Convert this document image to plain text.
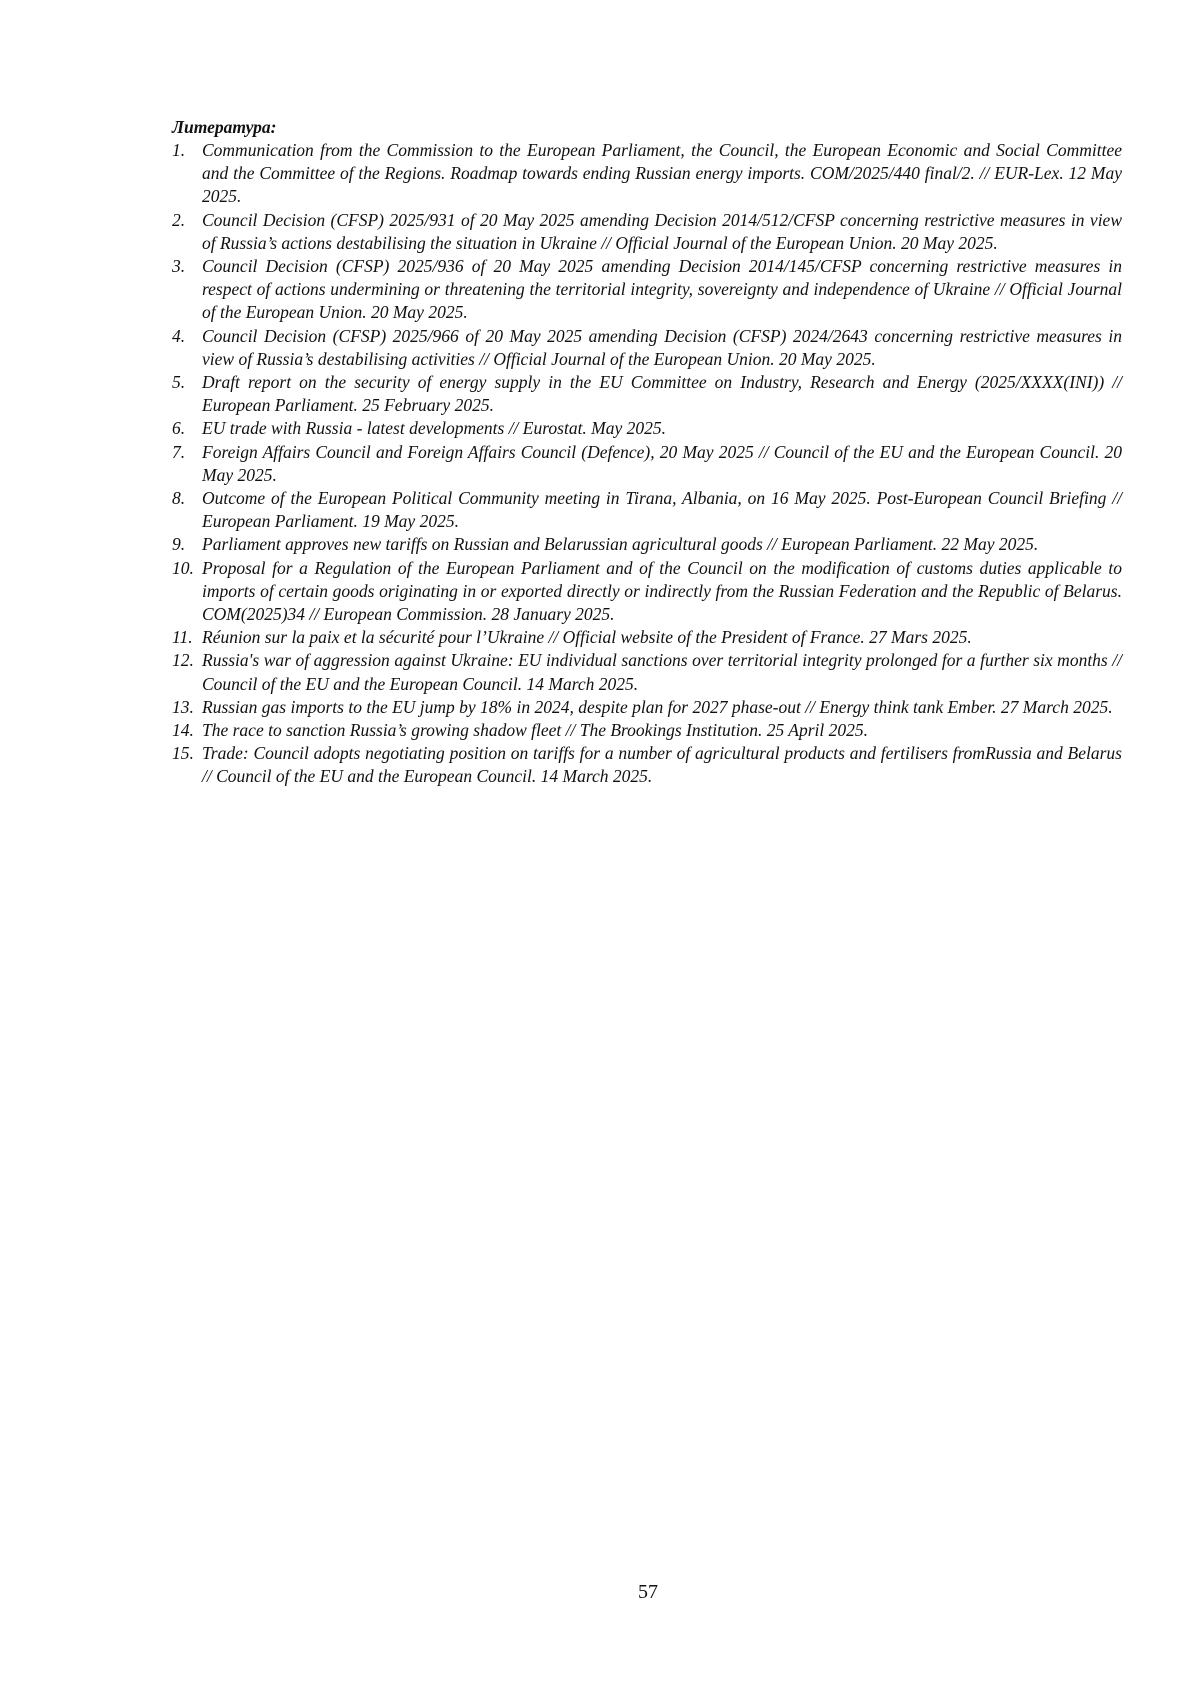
Литература:

1. Communication from the Commission to the European Parliament, the Council, the European Economic and Social Committee and the Committee of the Regions. Roadmap towards ending Russian energy imports. COM/2025/440 final/2. // EUR-Lex. 12 May 2025.
2. Council Decision (CFSP) 2025/931 of 20 May 2025 amending Decision 2014/512/CFSP concerning restrictive measures in view of Russia’s actions destabilising the situation in Ukraine // Official Journal of the European Union. 20 May 2025.
3. Council Decision (CFSP) 2025/936 of 20 May 2025 amending Decision 2014/145/CFSP concerning restrictive measures in respect of actions undermining or threatening the territorial integrity, sovereignty and independence of Ukraine // Official Journal of the European Union. 20 May 2025.
4. Council Decision (CFSP) 2025/966 of 20 May 2025 amending Decision (CFSP) 2024/2643 concerning restrictive measures in view of Russia’s destabilising activities // Official Journal of the European Union. 20 May 2025.
5. Draft report on the security of energy supply in the EU Committee on Industry, Research and Energy (2025/XXXX(INI)) // European Parliament. 25 February 2025.
6. EU trade with Russia - latest developments // Eurostat. May 2025.
7. Foreign Affairs Council and Foreign Affairs Council (Defence), 20 May 2025 // Council of the EU and the European Council. 20 May 2025.
8. Outcome of the European Political Community meeting in Tirana, Albania, on 16 May 2025. Post-European Council Briefing // European Parliament. 19 May 2025.
9. Parliament approves new tariffs on Russian and Belarussian agricultural goods // European Parliament. 22 May 2025.
10. Proposal for a Regulation of the European Parliament and of the Council on the modification of customs duties applicable to imports of certain goods originating in or exported directly or indirectly from the Russian Federation and the Republic of Belarus. COM(2025)34 // European Commission. 28 January 2025.
11. Réunion sur la paix et la sécurité pour l’Ukraine // Official website of the President of France. 27 Mars 2025.
12. Russia's war of aggression against Ukraine: EU individual sanctions over territorial integrity prolonged for a further six months // Council of the EU and the European Council. 14 March 2025.
13. Russian gas imports to the EU jump by 18% in 2024, despite plan for 2027 phase-out // Energy think tank Ember. 27 March 2025.
14. The race to sanction Russia’s growing shadow fleet // The Brookings Institution. 25 April 2025.
15. Trade: Council adopts negotiating position on tariffs for a number of agricultural products and fertilisers fromRussia and Belarus // Council of the EU and the European Council. 14 March 2025.
57
